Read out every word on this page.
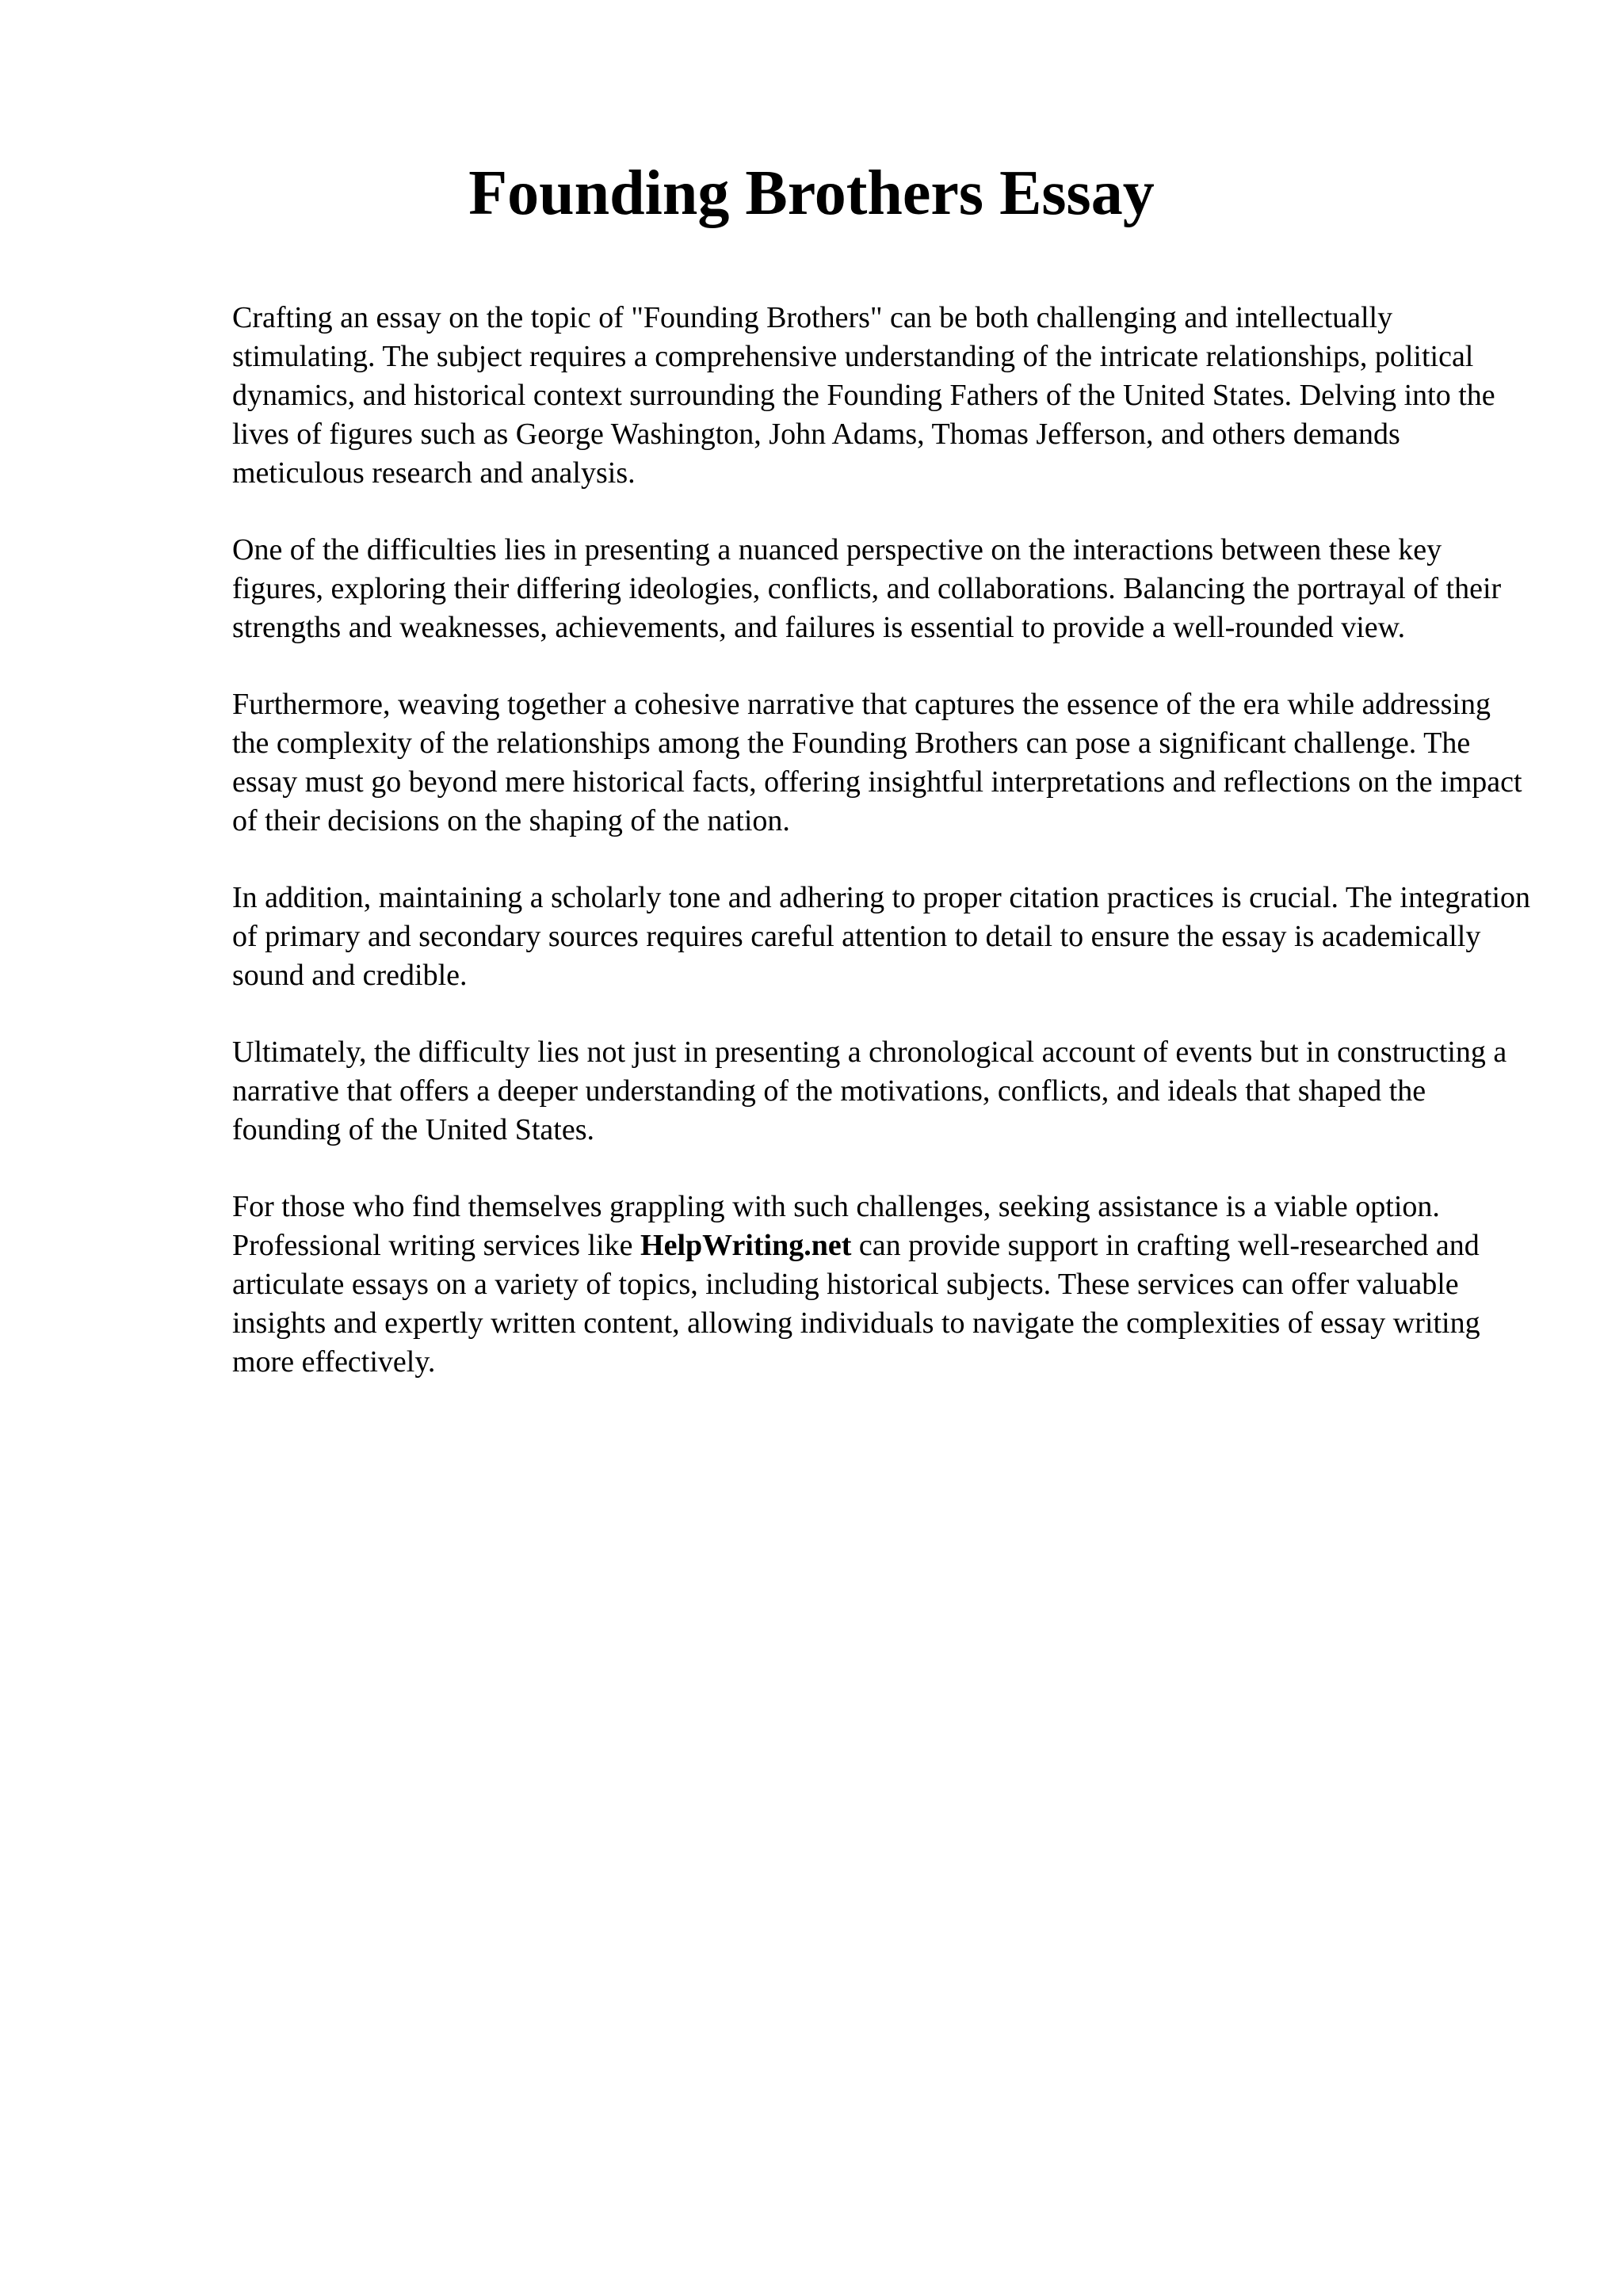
Founding Brothers Essay

Crafting an essay on the topic of "Founding Brothers" can be both challenging and intellectually stimulating. The subject requires a comprehensive understanding of the intricate relationships, political dynamics, and historical context surrounding the Founding Fathers of the United States. Delving into the lives of figures such as George Washington, John Adams, Thomas Jefferson, and others demands meticulous research and analysis.

One of the difficulties lies in presenting a nuanced perspective on the interactions between these key figures, exploring their differing ideologies, conflicts, and collaborations. Balancing the portrayal of their strengths and weaknesses, achievements, and failures is essential to provide a well-rounded view.

Furthermore, weaving together a cohesive narrative that captures the essence of the era while addressing the complexity of the relationships among the Founding Brothers can pose a significant challenge. The essay must go beyond mere historical facts, offering insightful interpretations and reflections on the impact of their decisions on the shaping of the nation.

In addition, maintaining a scholarly tone and adhering to proper citation practices is crucial. The integration of primary and secondary sources requires careful attention to detail to ensure the essay is academically sound and credible.

Ultimately, the difficulty lies not just in presenting a chronological account of events but in constructing a narrative that offers a deeper understanding of the motivations, conflicts, and ideals that shaped the founding of the United States.

For those who find themselves grappling with such challenges, seeking assistance is a viable option. Professional writing services like HelpWriting.net can provide support in crafting well-researched and articulate essays on a variety of topics, including historical subjects. These services can offer valuable insights and expertly written content, allowing individuals to navigate the complexities of essay writing more effectively.
